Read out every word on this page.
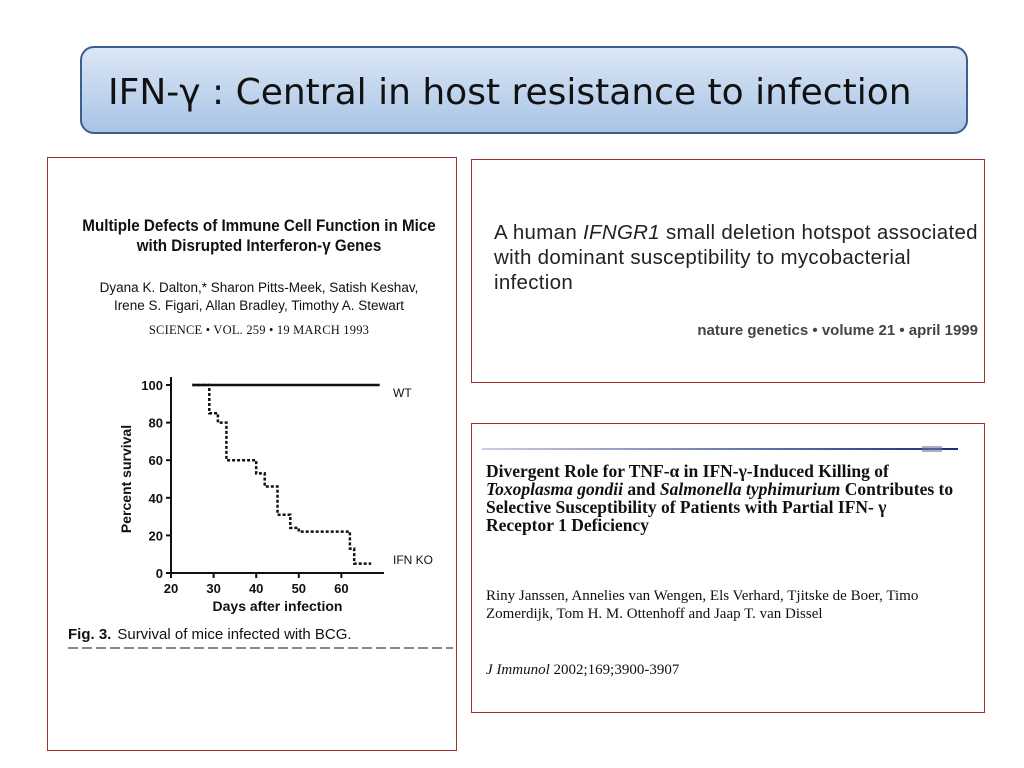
IFN-γ : Central in host resistance to infection
Multiple Defects of Immune Cell Function in Mice
with Disrupted Interferon-γ Genes
Dyana K. Dalton,* Sharon Pitts-Meek, Satish Keshav,
Irene S. Figari, Allan Bradley, Timothy A. Stewart
SCIENCE • VOL. 259 • 19 MARCH 1993
0
20
40
60
80
100
20 30 40 50 60
Days after infection
Percent survival
WT
IFN KO
Fig. 3. Survival of mice infected with BCG.
A human IFNGR1 small deletion hotspot associated with dominant susceptibility to mycobacterial infection
nature genetics • volume 21 • april 1999
Divergent Role for TNF-α in IFN-γ-Induced Killing of Toxoplasma gondii and Salmonella typhimurium Contributes to Selective Susceptibility of Patients with Partial IFN- γ Receptor 1 Deficiency
Riny Janssen, Annelies van Wengen, Els Verhard, Tjitske de Boer, Timo Zomerdijk, Tom H. M. Ottenhoff and Jaap T. van Dissel
J Immunol 2002;169;3900-3907
